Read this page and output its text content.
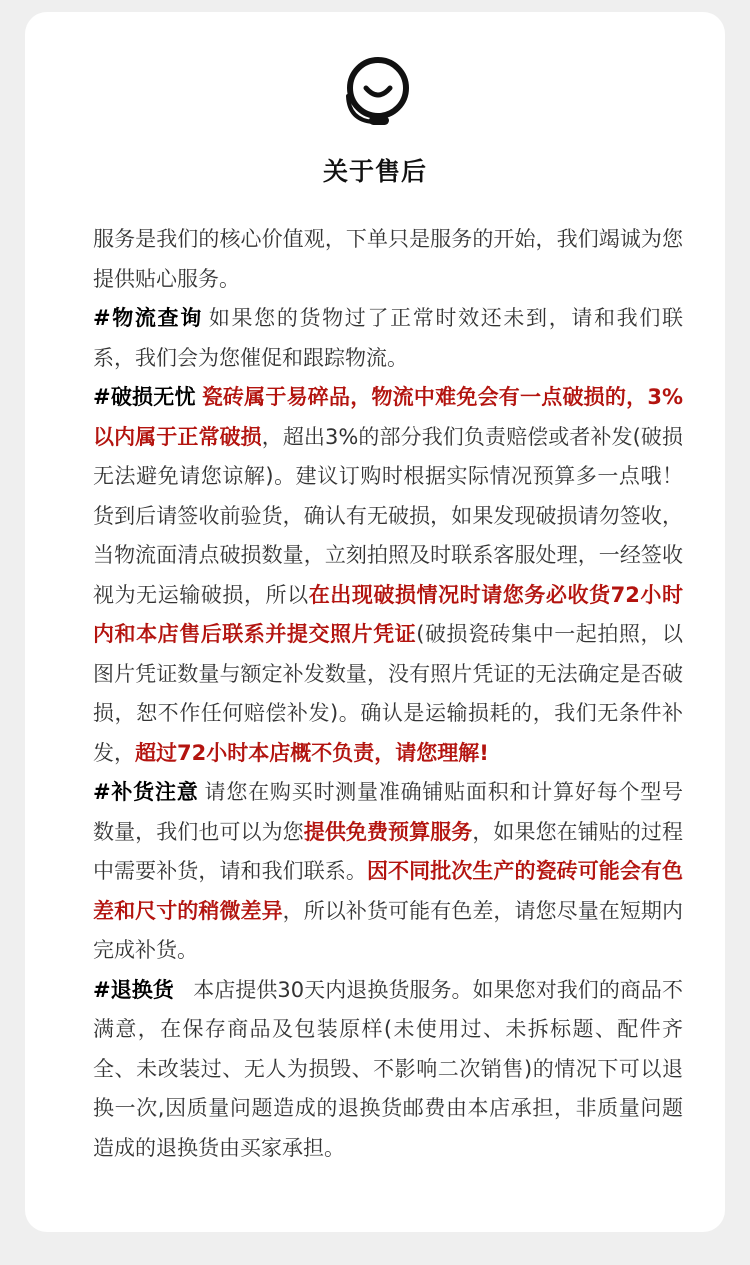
关于售后

服务是我们的核心价值观，下单只是服务的开始，我们竭诚为您提供贴心服务。

#物流查询 如果您的货物过了正常时效还未到，请和我们联系，我们会为您催促和跟踪物流。

#破损无忧 瓷砖属于易碎品，物流中难免会有一点破损的，3%以内属于正常破损，超出3%的部分我们负责赔偿或者补发(破损无法避免请您谅解)。建议订购时根据实际情况预算多一点哦！货到后请签收前验货，确认有无破损，如果发现破损请勿签收，当物流面清点破损数量，立刻拍照及时联系客服处理，一经签收视为无运输破损，所以在出现破损情况时请您务必收货72小时内和本店售后联系并提交照片凭证(破损瓷砖集中一起拍照，以图片凭证数量与额定补发数量，没有照片凭证的无法确定是否破损，恕不作任何赔偿补发)。确认是运输损耗的，我们无条件补发，超过72小时本店概不负责，请您理解!

#补货注意 请您在购买时测量准确铺贴面积和计算好每个型号数量，我们也可以为您提供免费预算服务，如果您在铺贴的过程中需要补货，请和我们联系。因不同批次生产的瓷砖可能会有色差和尺寸的稍微差异，所以补货可能有色差，请您尽量在短期内完成补货。

#退换货 本店提供30天内退换货服务。如果您对我们的商品不满意，在保存商品及包装原样(未使用过、未拆标题、配件齐全、未改装过、无人为损毁、不影响二次销售)的情况下可以退换一次,因质量问题造成的退换货邮费由本店承担，非质量问题造成的退换货由买家承担。
